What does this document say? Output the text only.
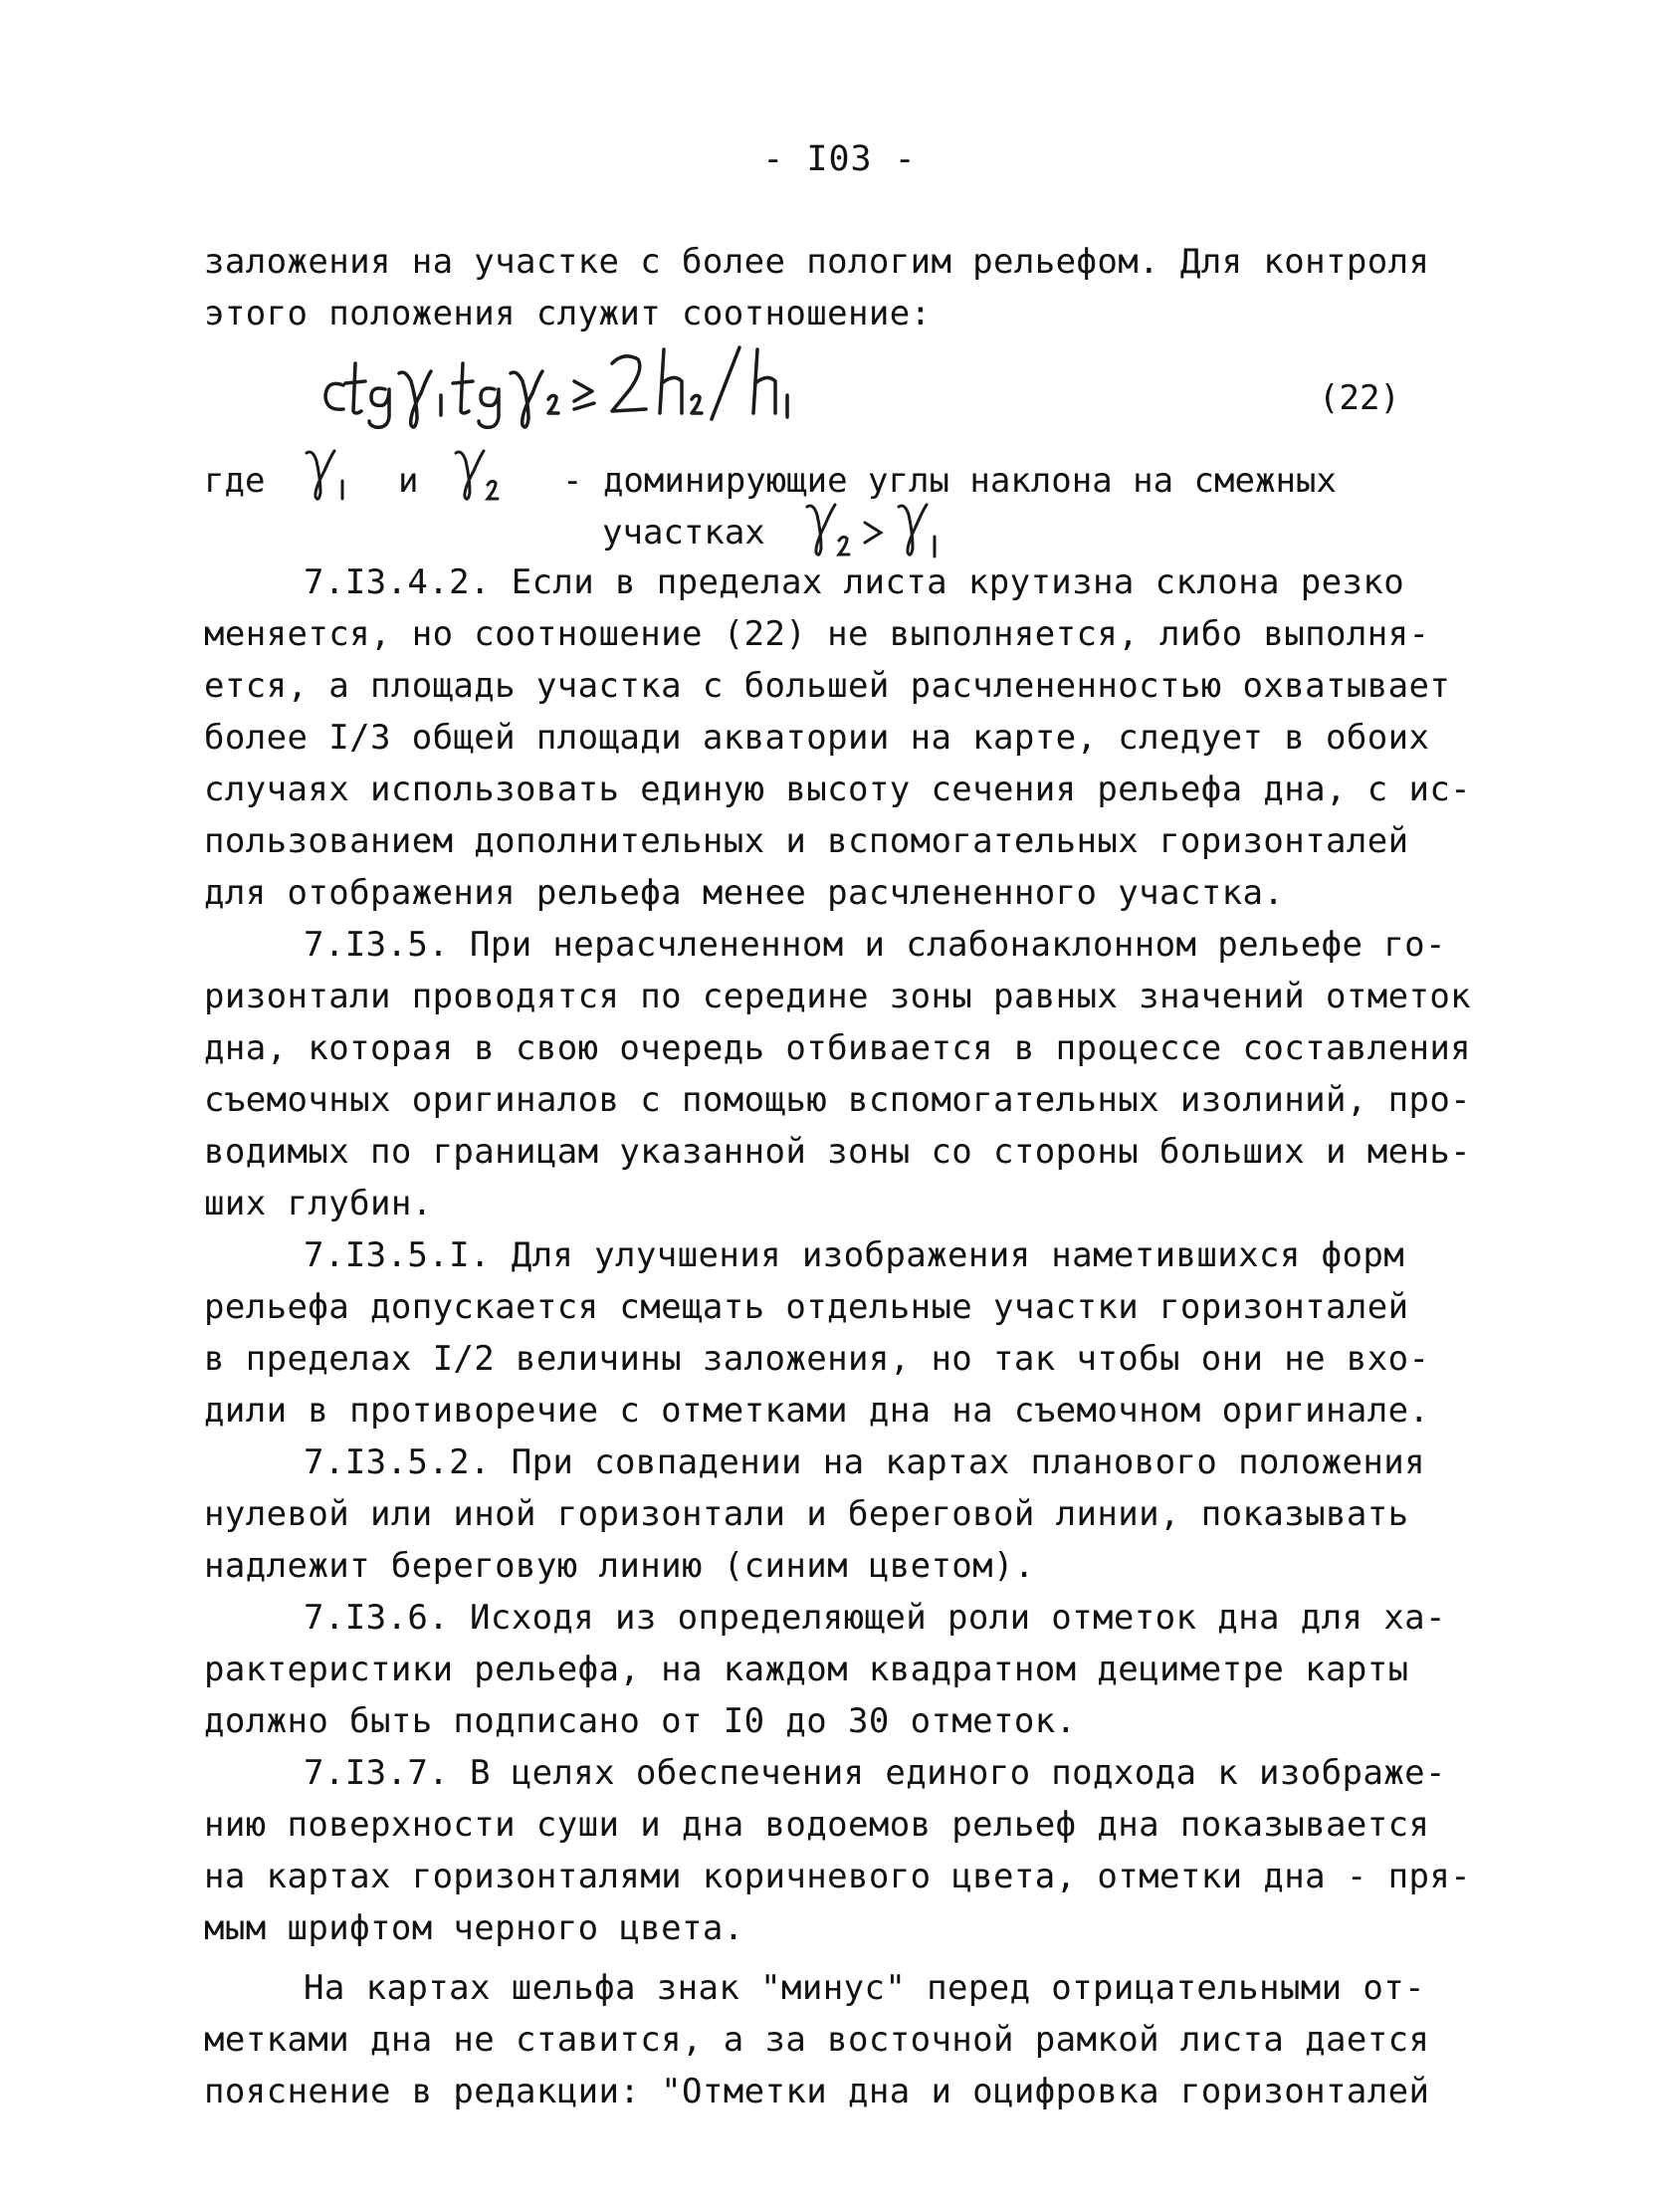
- I03 -
заложения на участке с более пологим рельефом. Для контроля
этого положения служит соотношение:
(22)
где	и	- доминирующие углы наклона на смежных
участках
7.I3.4.2. Если в пределах листа крутизна склона резко
меняется, но соотношение (22) не выполняется, либо выполня-
ется, а площадь участка с большей расчлененностью охватывает
более I/3 общей площади акватории на карте, следует в обоих
случаях использовать единую высоту сечения рельефа дна, с ис-
пользованием дополнительных и вспомогательных горизонталей
для отображения рельефа менее расчлененного участка.
7.I3.5. При нерасчлененном и слабонаклонном рельефе го-
ризонтали проводятся по середине зоны равных значений отметок
дна, которая в свою очередь отбивается в процессе составления
съемочных оригиналов с помощью вспомогательных изолиний, про-
водимых по границам указанной зоны со стороны больших и мень-
ших глубин.
7.I3.5.I. Для улучшения изображения наметившихся форм
рельефа допускается смещать отдельные участки горизонталей
в пределах I/2 величины заложения, но так чтобы они не вхо-
дили в противоречие с отметками дна на съемочном оригинале.
7.I3.5.2. При совпадении на картах планового положения
нулевой или иной горизонтали и береговой линии, показывать
надлежит береговую линию (синим цветом).
7.I3.6. Исходя из определяющей роли отметок дна для ха-
рактеристики рельефа, на каждом квадратном дециметре карты
должно быть подписано от I0 до 30 отметок.
7.I3.7. В целях обеспечения единого подхода к изображе-
нию поверхности суши и дна водоемов рельеф дна показывается
на картах горизонталями коричневого цвета, отметки дна - пря-
мым шрифтом черного цвета.
На картах шельфа знак "минус" перед отрицательными от-
метками дна не ставится, а за восточной рамкой листа дается
пояснение в редакции: "Отметки дна и оцифровка горизонталей
